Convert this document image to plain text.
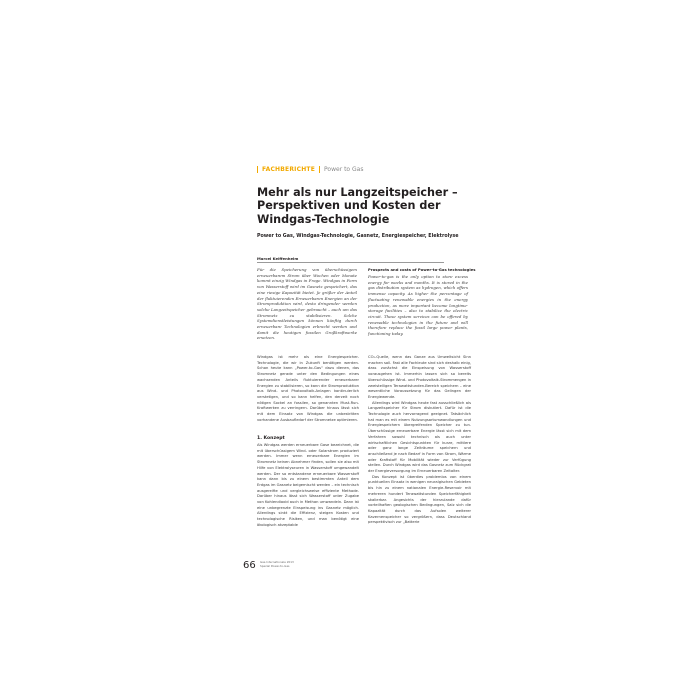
FACHBERICHTE Power to Gas
Mehr als nur Langzeitspeicher – Perspektiven und Kosten der Windgas-Technologie

Power to Gas, Windgas-Technologie, Gasnetz, Energiespeicher, Elektrolyse

Marcel Keiffenheim

Für die Speicherung von überschüssigem erneuerbarem Strom über Wochen oder Monate kommt einzig Windgas in Frage. Windgas in Form von Wasserstoff wird im Gasnetz gespeichert, das eine riesige Kapazität bietet. Je größer der Anteil der fluktuierenden Erneuerbaren Energien an der Stromproduktion wird, desto dringender werden solche Langzeitspeicher gebraucht – auch um das Stromnetz zu stabilisieren. Solche Systemdienstleistungen können künftig durch erneuerbare Technologien erbracht werden und damit die heutigen fossilen Großkraftwerke ersetzen.

Prospects and costs of Power-to-Gas technologies

Power-to-gas is the only option to store excess energy for weeks and months. It is stored in the gas distribution system as hydrogen, which offers immense capacity. As higher the percentage of fluctuating renewable energies in the energy production, as more important become longtime-storage facilities – also to stabilize the electric circuit. These system services can be offered by renewable technologies in the future and will therefore replace the fossil large power plants, functioning today.

Windgas ist mehr als eine Energiespeicher-Technologie, die wir in Zukunft benötigen werden. Schon heute kann „Power-to-Gas“ dazu dienen, das Stromnetz gerade unter den Bedingungen eines wachsenden Anteils fluktuierender erneuerbarer Energien zu stabilisieren, so kann die Stromproduktion aus Wind- und Photovoltaik-Anlagen kontinuierlich verstetigen, und so kann helfen, den derzeit noch nötigen Sockel an fossilen, so genannten Must-Run-Kraftwerken zu verringern. Darüber hinaus lässt sich mit dem Einsatz von Windgas die unbestritten vorhandene Ausbaufledarf der Stromnetze optimieren.

1. Konzept

Als Windgas werden erneuerbare Gase bezeichnet, die mit überschüssigem Wind- oder Solarstrom produziert werden. Immer wenn erneuerbare Energien im Stromnetz keinen Abnehmer finden, sollen sie also mit Hilfe von Elektrolyseuren in Wasserstoff umgewandelt werden. Der so entstandene erneuerbare Wasserstoff kann dann bis zu einem bestimmten Anteil dem Erdgas im Gasnetz beigemischt werden – ein technisch ausgereifte und vergleichsweise effiziente Methode. Darüber hinaus lässt sich Wasserstoff unter Zugabe von Kohlendioxid auch in Methan umwandeln. Dann ist eine unbegrenzte Einspeisung ins Gasnetz möglich. Allerdings sinkt die Effizienz, steigen Kosten und technologische Risiken, und man benötigt eine ökologisch akzeptable

CO₂-Quelle, wenn das Ganze aus Umweltsicht Sinn machen soll. Fast alle Fachleute sind sich deshalb einig, dass zunächst die Einspeisung von Wasserstoff vorausgehen ist. Immerhin lassen sich so bereits überschüssige Wind- und Photovoltaik-Strommengen in zweistelligen Terawattstunden-Bereich speichern – eine wesentliche Voraussetzung für das Gelingen der Energiewende.

Allerdings wird Windgas heute fast ausschließlich als Langzeitspeicher für Strom diskutiert. Dafür ist die Technologie auch hervorragend geeignet. Tatsächlich hat man es mit einem Nutzungsartumwandlungen und Energiespeichern übergreifenden Speicher zu tun. Überschüssige erneuerbare Energie lässt sich mit dem Verfahren sowohl technisch als auch unter wirtschaftlichen Gesichtspunkten für kurze, mittlere oder ganz lange Zeiträume speichern und anschließend je nach Bedarf in Form von Strom, Wärme oder Kraftstoff für Mobilität wieder zur Verfügung stellen. Durch Windgas wird das Gasnetz zum Rückgrat der Energieversorgung im Erneuerbaren Zeitalter.

Das Konzept ist überdies problemlos von einem punktuellen Einsatz in wenigen neuralgischen Gebieten bis hin zu einem nationalen Energie-Reservoir mit mehreren hundert Terawattstunden Speicherfähigkeit skalierbar. Angesichts der hierzulande dafür vorteilhaften geologischen Bedingungen, Salz sich die Kapazität durch das Aufsolen weiterer Kavernenspeicher so vergrößern, dass Deutschland perspektivisch zur „Batterie

66 Gas·Internationale 2013
Spezial Power-to-Gas
